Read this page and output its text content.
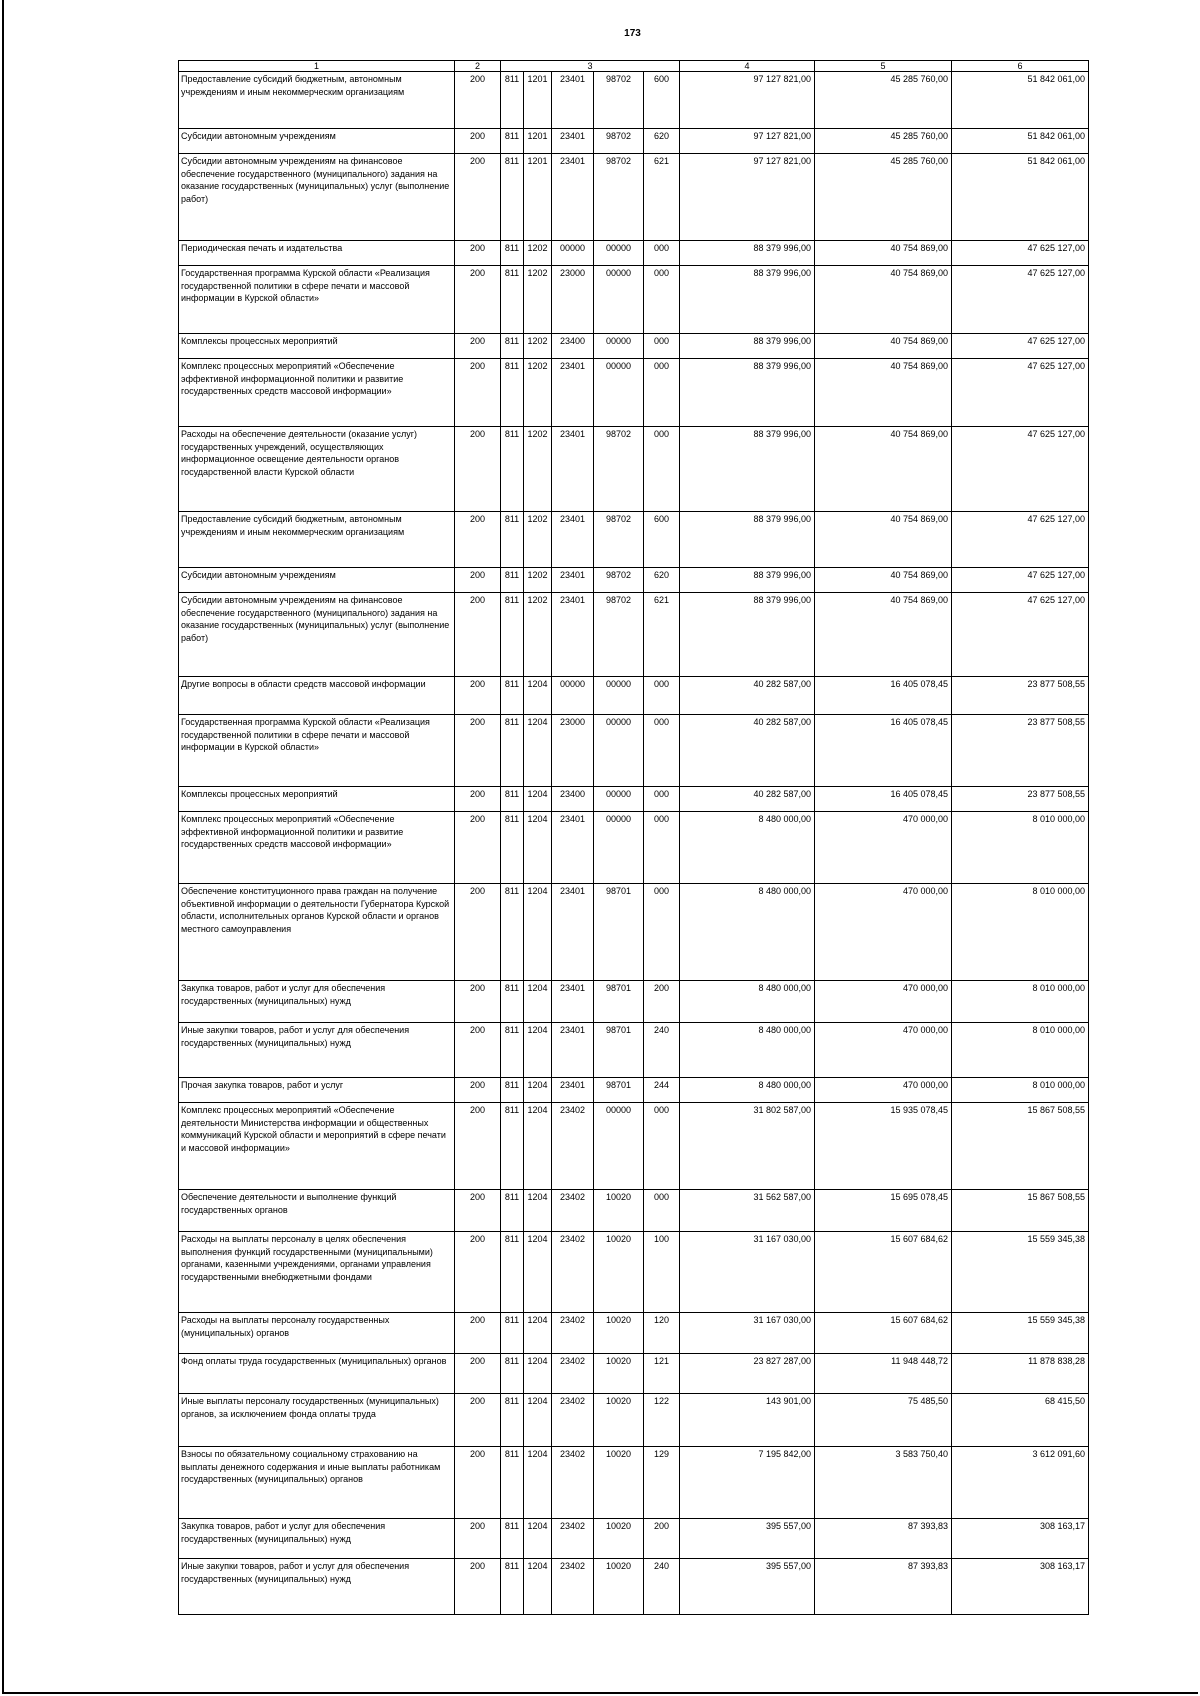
173
1	2	3					4	5	6
Предоставление субсидий бюджетным, автономным учреждениям и иным некоммерческим организациям	200	811	1201	23401	98702	600	97 127 821,00	45 285 760,00	51 842 061,00
Субсидии автономным учреждениям	200	811	1201	23401	98702	620	97 127 821,00	45 285 760,00	51 842 061,00
Субсидии автономным учреждениям на финансовое обеспечение государственного (муниципального) задания на оказание государственных (муниципальных) услуг (выполнение работ)	200	811	1201	23401	98702	621	97 127 821,00	45 285 760,00	51 842 061,00
Периодическая печать и издательства	200	811	1202	00000	00000	000	88 379 996,00	40 754 869,00	47 625 127,00
Государственная программа Курской области «Реализация государственной политики в сфере печати и массовой информации в Курской области»	200	811	1202	23000	00000	000	88 379 996,00	40 754 869,00	47 625 127,00
Комплексы процессных мероприятий	200	811	1202	23400	00000	000	88 379 996,00	40 754 869,00	47 625 127,00
Комплекс процессных мероприятий «Обеспечение эффективной информационной политики и развитие государственных средств массовой информации»	200	811	1202	23401	00000	000	88 379 996,00	40 754 869,00	47 625 127,00
Расходы на обеспечение деятельности (оказание услуг) государственных учреждений, осуществляющих информационное освещение деятельности органов государственной власти Курской области	200	811	1202	23401	98702	000	88 379 996,00	40 754 869,00	47 625 127,00
Предоставление субсидий бюджетным, автономным учреждениям и иным некоммерческим организациям	200	811	1202	23401	98702	600	88 379 996,00	40 754 869,00	47 625 127,00
Субсидии автономным учреждениям	200	811	1202	23401	98702	620	88 379 996,00	40 754 869,00	47 625 127,00
Субсидии автономным учреждениям на финансовое обеспечение государственного (муниципального) задания на оказание государственных (муниципальных) услуг (выполнение работ)	200	811	1202	23401	98702	621	88 379 996,00	40 754 869,00	47 625 127,00
Другие вопросы в области средств массовой информации	200	811	1204	00000	00000	000	40 282 587,00	16 405 078,45	23 877 508,55
Государственная программа Курской области «Реализация государственной политики в сфере печати и массовой информации в Курской области»	200	811	1204	23000	00000	000	40 282 587,00	16 405 078,45	23 877 508,55
Комплексы процессных мероприятий	200	811	1204	23400	00000	000	40 282 587,00	16 405 078,45	23 877 508,55
Комплекс процессных мероприятий «Обеспечение эффективной информационной политики и развитие государственных средств массовой информации»	200	811	1204	23401	00000	000	8 480 000,00	470 000,00	8 010 000,00
Обеспечение конституционного права граждан на получение объективной информации о деятельности Губернатора Курской области, исполнительных органов Курской области и органов местного самоуправления	200	811	1204	23401	98701	000	8 480 000,00	470 000,00	8 010 000,00
Закупка товаров, работ и услуг для обеспечения государственных (муниципальных) нужд	200	811	1204	23401	98701	200	8 480 000,00	470 000,00	8 010 000,00
Иные закупки товаров, работ и услуг для обеспечения государственных (муниципальных) нужд	200	811	1204	23401	98701	240	8 480 000,00	470 000,00	8 010 000,00
Прочая закупка товаров, работ и услуг	200	811	1204	23401	98701	244	8 480 000,00	470 000,00	8 010 000,00
Комплекс процессных мероприятий «Обеспечение деятельности Министерства информации и общественных коммуникаций Курской области и мероприятий в сфере печати и массовой информации»	200	811	1204	23402	00000	000	31 802 587,00	15 935 078,45	15 867 508,55
Обеспечение деятельности и выполнение функций государственных органов	200	811	1204	23402	10020	000	31 562 587,00	15 695 078,45	15 867 508,55
Расходы на выплаты персоналу в целях обеспечения выполнения функций государственными (муниципальными) органами, казенными учреждениями, органами управления государственными внебюджетными фондами	200	811	1204	23402	10020	100	31 167 030,00	15 607 684,62	15 559 345,38
Расходы на выплаты персоналу государственных (муниципальных) органов	200	811	1204	23402	10020	120	31 167 030,00	15 607 684,62	15 559 345,38
Фонд оплаты труда государственных (муниципальных) органов	200	811	1204	23402	10020	121	23 827 287,00	11 948 448,72	11 878 838,28
Иные выплаты персоналу государственных (муниципальных) органов, за исключением фонда оплаты труда	200	811	1204	23402	10020	122	143 901,00	75 485,50	68 415,50
Взносы по обязательному социальному страхованию на выплаты денежного содержания и иные выплаты работникам государственных (муниципальных) органов	200	811	1204	23402	10020	129	7 195 842,00	3 583 750,40	3 612 091,60
Закупка товаров, работ и услуг для обеспечения государственных (муниципальных) нужд	200	811	1204	23402	10020	200	395 557,00	87 393,83	308 163,17
Иные закупки товаров, работ и услуг для обеспечения государственных (муниципальных) нужд	200	811	1204	23402	10020	240	395 557,00	87 393,83	308 163,17
